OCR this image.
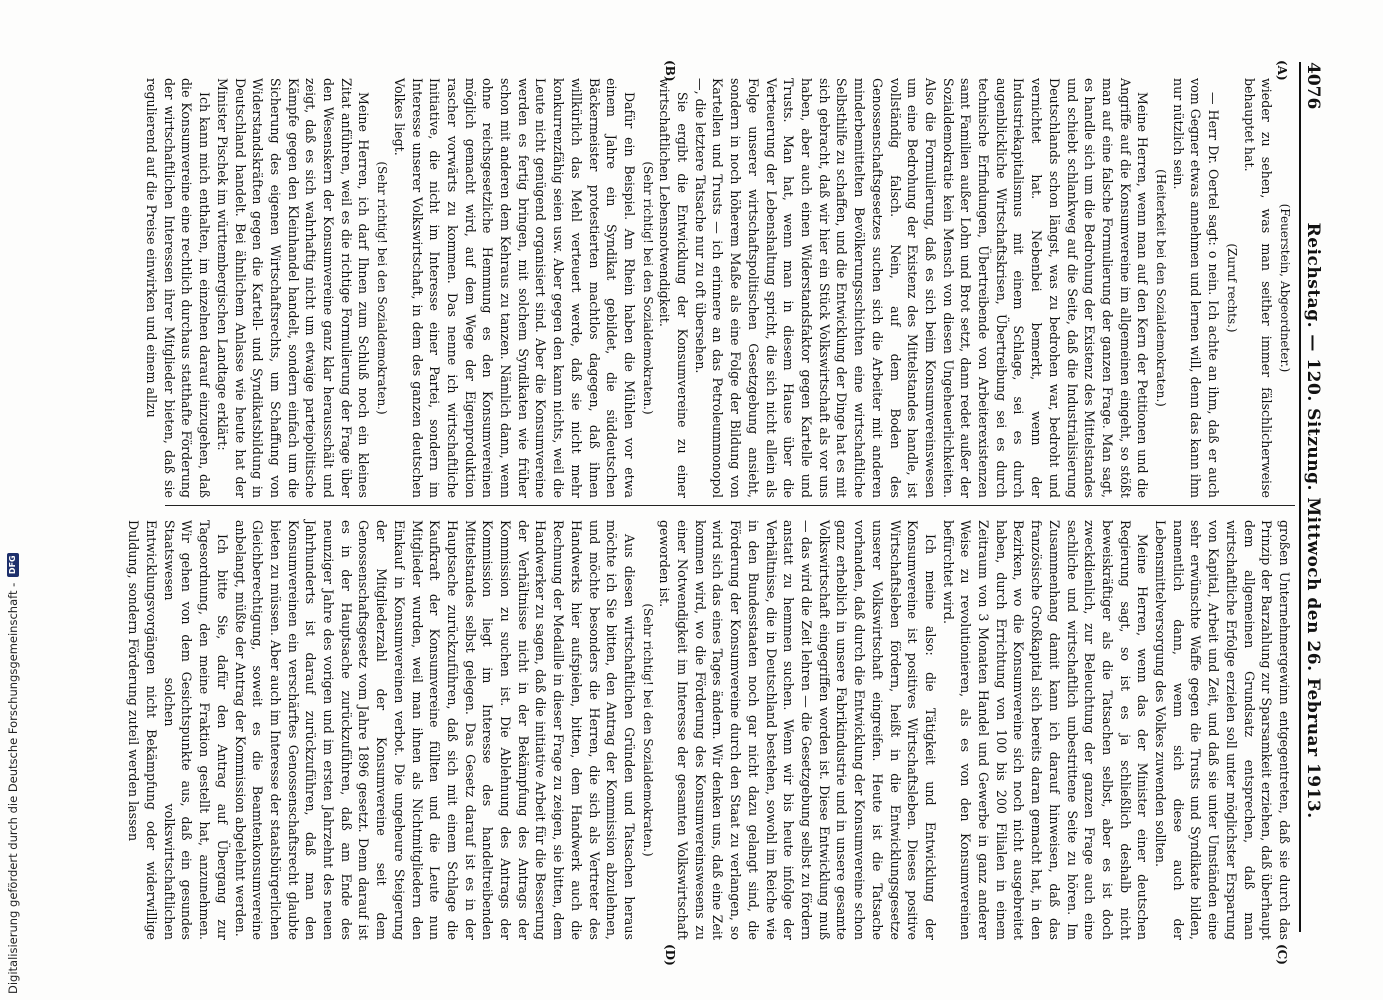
4076
Reichstag. — 120. Sitzung. Mittwoch den 26. Februar 1913.
(A)
(B)
(C)
(D)

(Feuerstein, Abgeordneter.)

wieder zu sehen, was man seither immer fälschlicherweise behauptet hat.

(Zuruf rechts.)

— Herr Dr. Oertel sagt: o nein. Ich achte an ihm, daß er auch vom Gegner etwas annehmen und lernen will, denn das kann ihm nur nützlich sein.

(Heiterkeit bei den Sozialdemokraten.)

Meine Herren, wenn man auf den Kern der Petitionen und die Angriffe auf die Konsumvereine im allgemeinen eingeht, so stößt man auf eine falsche Formulierung der ganzen Frage. Man sagt, es handle sich um die Bedrohung der Existenz des Mittelstandes und schiebt schlankweg auf die Seite, daß die Industrialisierung Deutschlands schon längst, was zu bedrohen war, bedroht und vernichtet hat. Nebenbei bemerkt, wenn der Industriekapitalismus mit einem Schlage, sei es durch augenblickliche Wirtschaftskrisen, Übertreibung sei es durch technische Erfindungen, Übertreibende von Arbeiterexistenzen samt Familien außer Lohn und Brot setzt, dann redet außer der Sozialdemokratie kein Mensch von diesen Ungeheuerlichkeiten. Also die Formulierung, daß es sich beim Konsumvereinswesen um eine Bedrohung der Existenz des Mittelstandes handle, ist vollständig falsch. Nein, auf dem Boden des Genossenschaftsgesetzes suchen sich die Arbeiter mit anderen minderbemittelten Bevölkerungsschichten eine wirtschaftliche Selbsthilfe zu schaffen, und die Entwicklung der Dinge hat es mit sich gebracht, daß wir hier ein Stück Volkswirtschaft als vor uns haben, aber auch einen Widerstandsfaktor gegen Kartelle und Trusts. Man hat, wenn man in diesem Hause über die Verteuerung der Lebenshaltung spricht, die sich nicht allein als Folge unserer wirtschaftspolitischen Gesetzgebung ansieht, sondern in noch höherem Maße als eine Folge der Bildung von Kartellen und Trusts — ich erinnere an das Petroleummonopol —, die letztere Tatsache nur zu oft übersehen.

Sie ergibt die Entwicklung der Konsumvereine zu einer wirtschaftlichen Lebensnotwendigkeit.

(Sehr richtig! bei den Sozialdemokraten.)

Dafür ein Beispiel. Am Rhein haben die Mühlen vor etwa einem Jahre ein Syndikat gebildet, die süddeutschen Bäckermeister protestierten machtlos dagegen, daß ihnen willkürlich das Mehl verteuert werde, daß sie nicht mehr konkurrenzfähig seien usw. Aber gegen den kann nichts, weil die Leute nicht genügend organisiert sind. Aber die Konsumvereine werden es fertig bringen, mit solchem Syndikaten wie früher schon mit anderen dem Kehraus zu tanzen. Nämlich dann, wenn ohne reichsgesetzliche Hemmung es den Konsumvereinen möglich gemacht wird, auf dem Wege der Eigenproduktion rascher vorwärts zu kommen. Das nenne ich wirtschaftliche Initiative, die nicht im Interesse einer Partei, sondern im Interesse unserer Volkswirtschaft, in dem des ganzen deutschen Volkes liegt.

(Sehr richtig! bei den Sozialdemokraten.)

Meine Herren, ich darf Ihnen zum Schluß noch ein kleines Zitat anführen, weil es die richtige Formulierung der Frage über den Wesenskern der Konsumvereine ganz klar herausschält und zeigt, daß es sich wahrhaftig nicht um etwaige parteipolitische Kämpfe gegen den Kleinhandel handelt, sondern einfach um die Sicherung des eigenen Wirtschaftsrechts, um Schaffung von Widerstandskräften gegen die Kartell- und Syndikatsbildung in Deutschland handelt. Bei ähnlichem Anlasse wie heute hat der Minister Pischek im württembergischen Landtage erklärt:

Ich kann mich enthalten, im einzelnen darauf einzugehen, daß die Konsumvereine eine rechtlich durchaus statthafte Förderung der wirtschaftlichen Interessen ihrer Mitglieder bieten, daß sie regulierend auf die Preise einwirken und einem allzu

großen Unternehmergewinn entgegentreten, daß sie durch das Prinzip der Barzahlung zur Sparsamkeit erziehen, daß überhaupt dem allgemeinen Grundsatz entsprechen, daß man wirtschaftliche Erfolge erzielen soll unter möglichster Ersparung von Kapital, Arbeit und Zeit, und daß sie unter Umständen eine sehr erwünschte Waffe gegen die Trusts und Syndikate bilden, namentlich dann, wenn sich diese auch der Lebensmittelversorgung des Volkes zuwenden sollten.

Meine Herren, wenn das der Minister einer deutschen Regierung sagt, so ist es ja schließlich deshalb nicht beweiskräftiger als die Tatsachen selbst, aber es ist doch zweckdienlich, zur Beleuchtung der ganzen Frage auch eine sachliche und wirtschaftlich unbestrittene Seite zu hören. Im Zusammenhang damit kann ich darauf hinweisen, daß das französische Großkapital sich bereits daran gemacht hat, in den Bezirken, wo die Konsumvereine sich noch nicht ausgebreitet haben, durch Errichtung von 100 bis 200 Filialen in einem Zeitraum von 3 Monaten Handel und Gewerbe in ganz anderer Weise zu revolutionieren, als es von den Konsumvereinen befürchtet wird.

Ich meine also: die Tätigkeit und Entwicklung der Konsumvereine ist positives Wirtschaftsleben. Dieses positive Wirtschaftsleben fördern, heißt in die Entwicklungsgesetze unserer Volkswirtschaft eingreifen. Heute ist die Tatsache vorhanden, daß durch die Entwicklung der Konsumvereine schon ganz erheblich in unsere Fabrikindustrie und in unsere gesamte Volkswirtschaft eingegriffen worden ist. Diese Entwicklung muß — das wird die Zeit lehren — die Gesetzgebung selbst zu fördern anstatt zu hemmen suchen. Wenn wir bis heute infolge der Verhältnisse, die in Deutschland bestehen, sowohl im Reiche wie in den Bundesstaaten noch gar nicht dazu gelangt sind, die Förderung der Konsumvereine durch den Staat zu verlangen, so wird sich das eines Tages ändern. Wir denken uns, daß eine Zeit kommen wird, wo die Förderung des Konsumvereinswesens zu einer Notwendigkeit im Interesse der gesamten Volkswirtschaft geworden ist.

(Sehr richtig! bei den Sozialdemokraten.)

Aus diesen wirtschaftlichen Gründen und Tatsachen heraus möchte ich Sie bitten, den Antrag der Kommission abzulehnen, und möchte besonders die Herren, die sich als Vertreter des Handwerks hier aufspielen, bitten, dem Handwerk auch die Rechnung der Medaille in dieser Frage zu zeigen, sie bitten, dem Handwerker zu sagen, daß die initiative Arbeit für die Besserung der Verhältnisse nicht in der Bekämpfung des Antrags der Kommission zu suchen ist. Die Ablehnung des Antrags der Kommission liegt im Interesse des handeltreibenden Mittelstandes selbst gelegen. Das Gesetz darauf ist es in der Hauptsache zurückzuführen, daß sich mit einem Schlage die Kaufkraft der Konsumvereine füllten und die Leute nun Mitglieder wurden, weil man ihnen als Nichtmitgliedern den Einkauf in Konsumvereinen verbot. Die ungeheure Steigerung der Mitgliederzahl der Konsumvereine seit dem Genossenschaftsgesetz vom Jahre 1896 gesetzt. Denn darauf ist es in der Hauptsache zurückzuführen, daß am Ende des neunziger Jahre des vorigen und im ersten Jahrzehnt des neuen Jahrhunderts ist darauf zurückzuführen, daß man den Konsumvereinen ein verschärftes Genossenschaftsrecht glaubte bieten zu müssen. Aber auch im Interesse der staatsbürgerlichen Gleichberechtigung, soweit es die Beamtenkonsumvereine anbelangt, müßte der Antrag der Kommission abgelehnt werden.

Ich bitte Sie, dafür den Antrag auf Übergang zur Tagesordnung, den meine Fraktion gestellt hat, anzunehmen. Wir gehen von dem Gesichtspunkte aus, daß ein gesundes Staatswesen solchen volkswirtschaftlichen Entwicklungsvorgängen nicht Bekämpfung oder widerwillige Duldung, sondern Förderung zuteil werden lassen

Digitalisierung gefördert durch die Deutsche Forschungsgemeinschaft -
DFG
